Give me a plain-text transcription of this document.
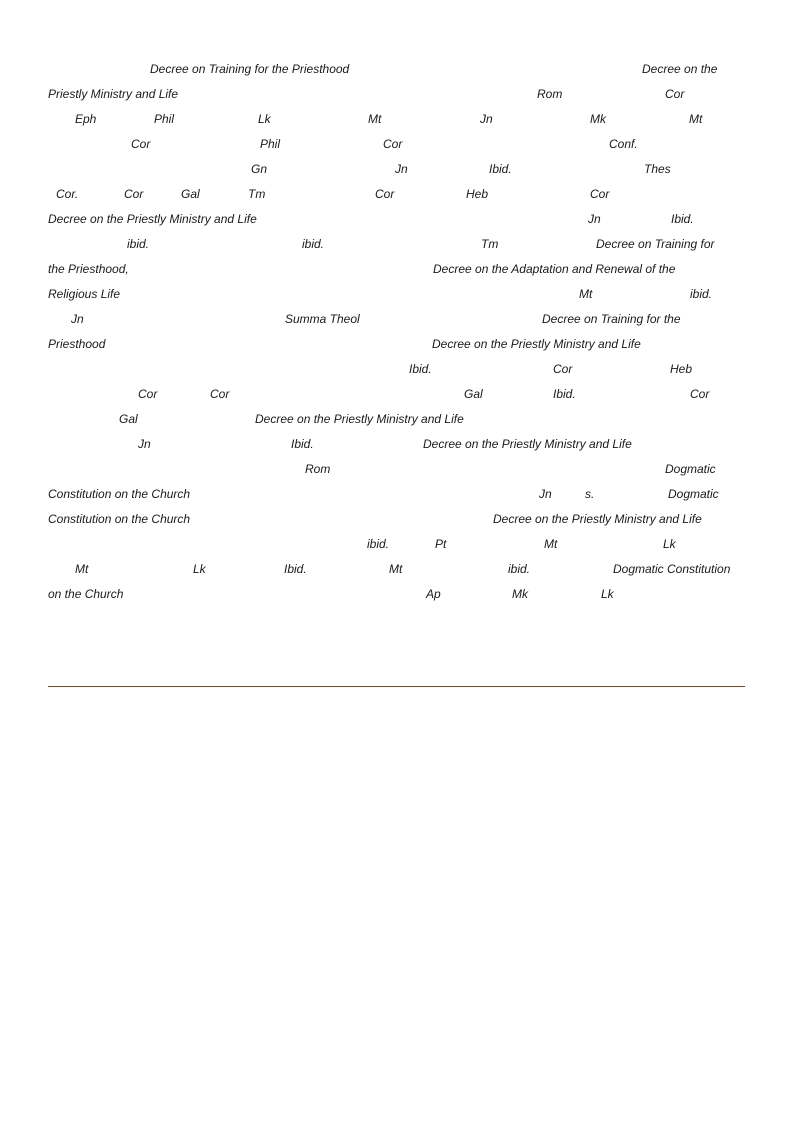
Decree on Training for the Priesthood	Decree on the
Priestly Ministry and Life	Rom	Cor
Eph	Phil	Lk	Mt	Jn	Mk	Mt
Cor	Phil	Cor	Conf.
Gn	Jn	Ibid.	Thes
Cor.	Cor	Gal	Tm	Cor	Heb	Cor
Decree on the Priestly Ministry and Life	Jn	Ibid.
ibid.	ibid.	Tm	Decree on Training for
the Priesthood,	Decree on the Adaptation and Renewal of the
Religious Life	Mt	ibid.
Jn	Summa Theol	Decree on Training for the
Priesthood	Decree on the Priestly Ministry and Life
Ibid.	Cor	Heb
Cor	Cor	Gal	Ibid.	Cor
Gal	Decree on the Priestly Ministry and Life
Jn	Ibid.	Decree on the Priestly Ministry and Life
Rom	Dogmatic
Constitution on the Church	Jn	s.	Dogmatic
Constitution on the Church	Decree on the Priestly Ministry and Life
ibid.	Pt	Mt	Lk
Mt	Lk	Ibid.	Mt	ibid.	Dogmatic Constitution
on the Church	Ap	Mk	Lk
